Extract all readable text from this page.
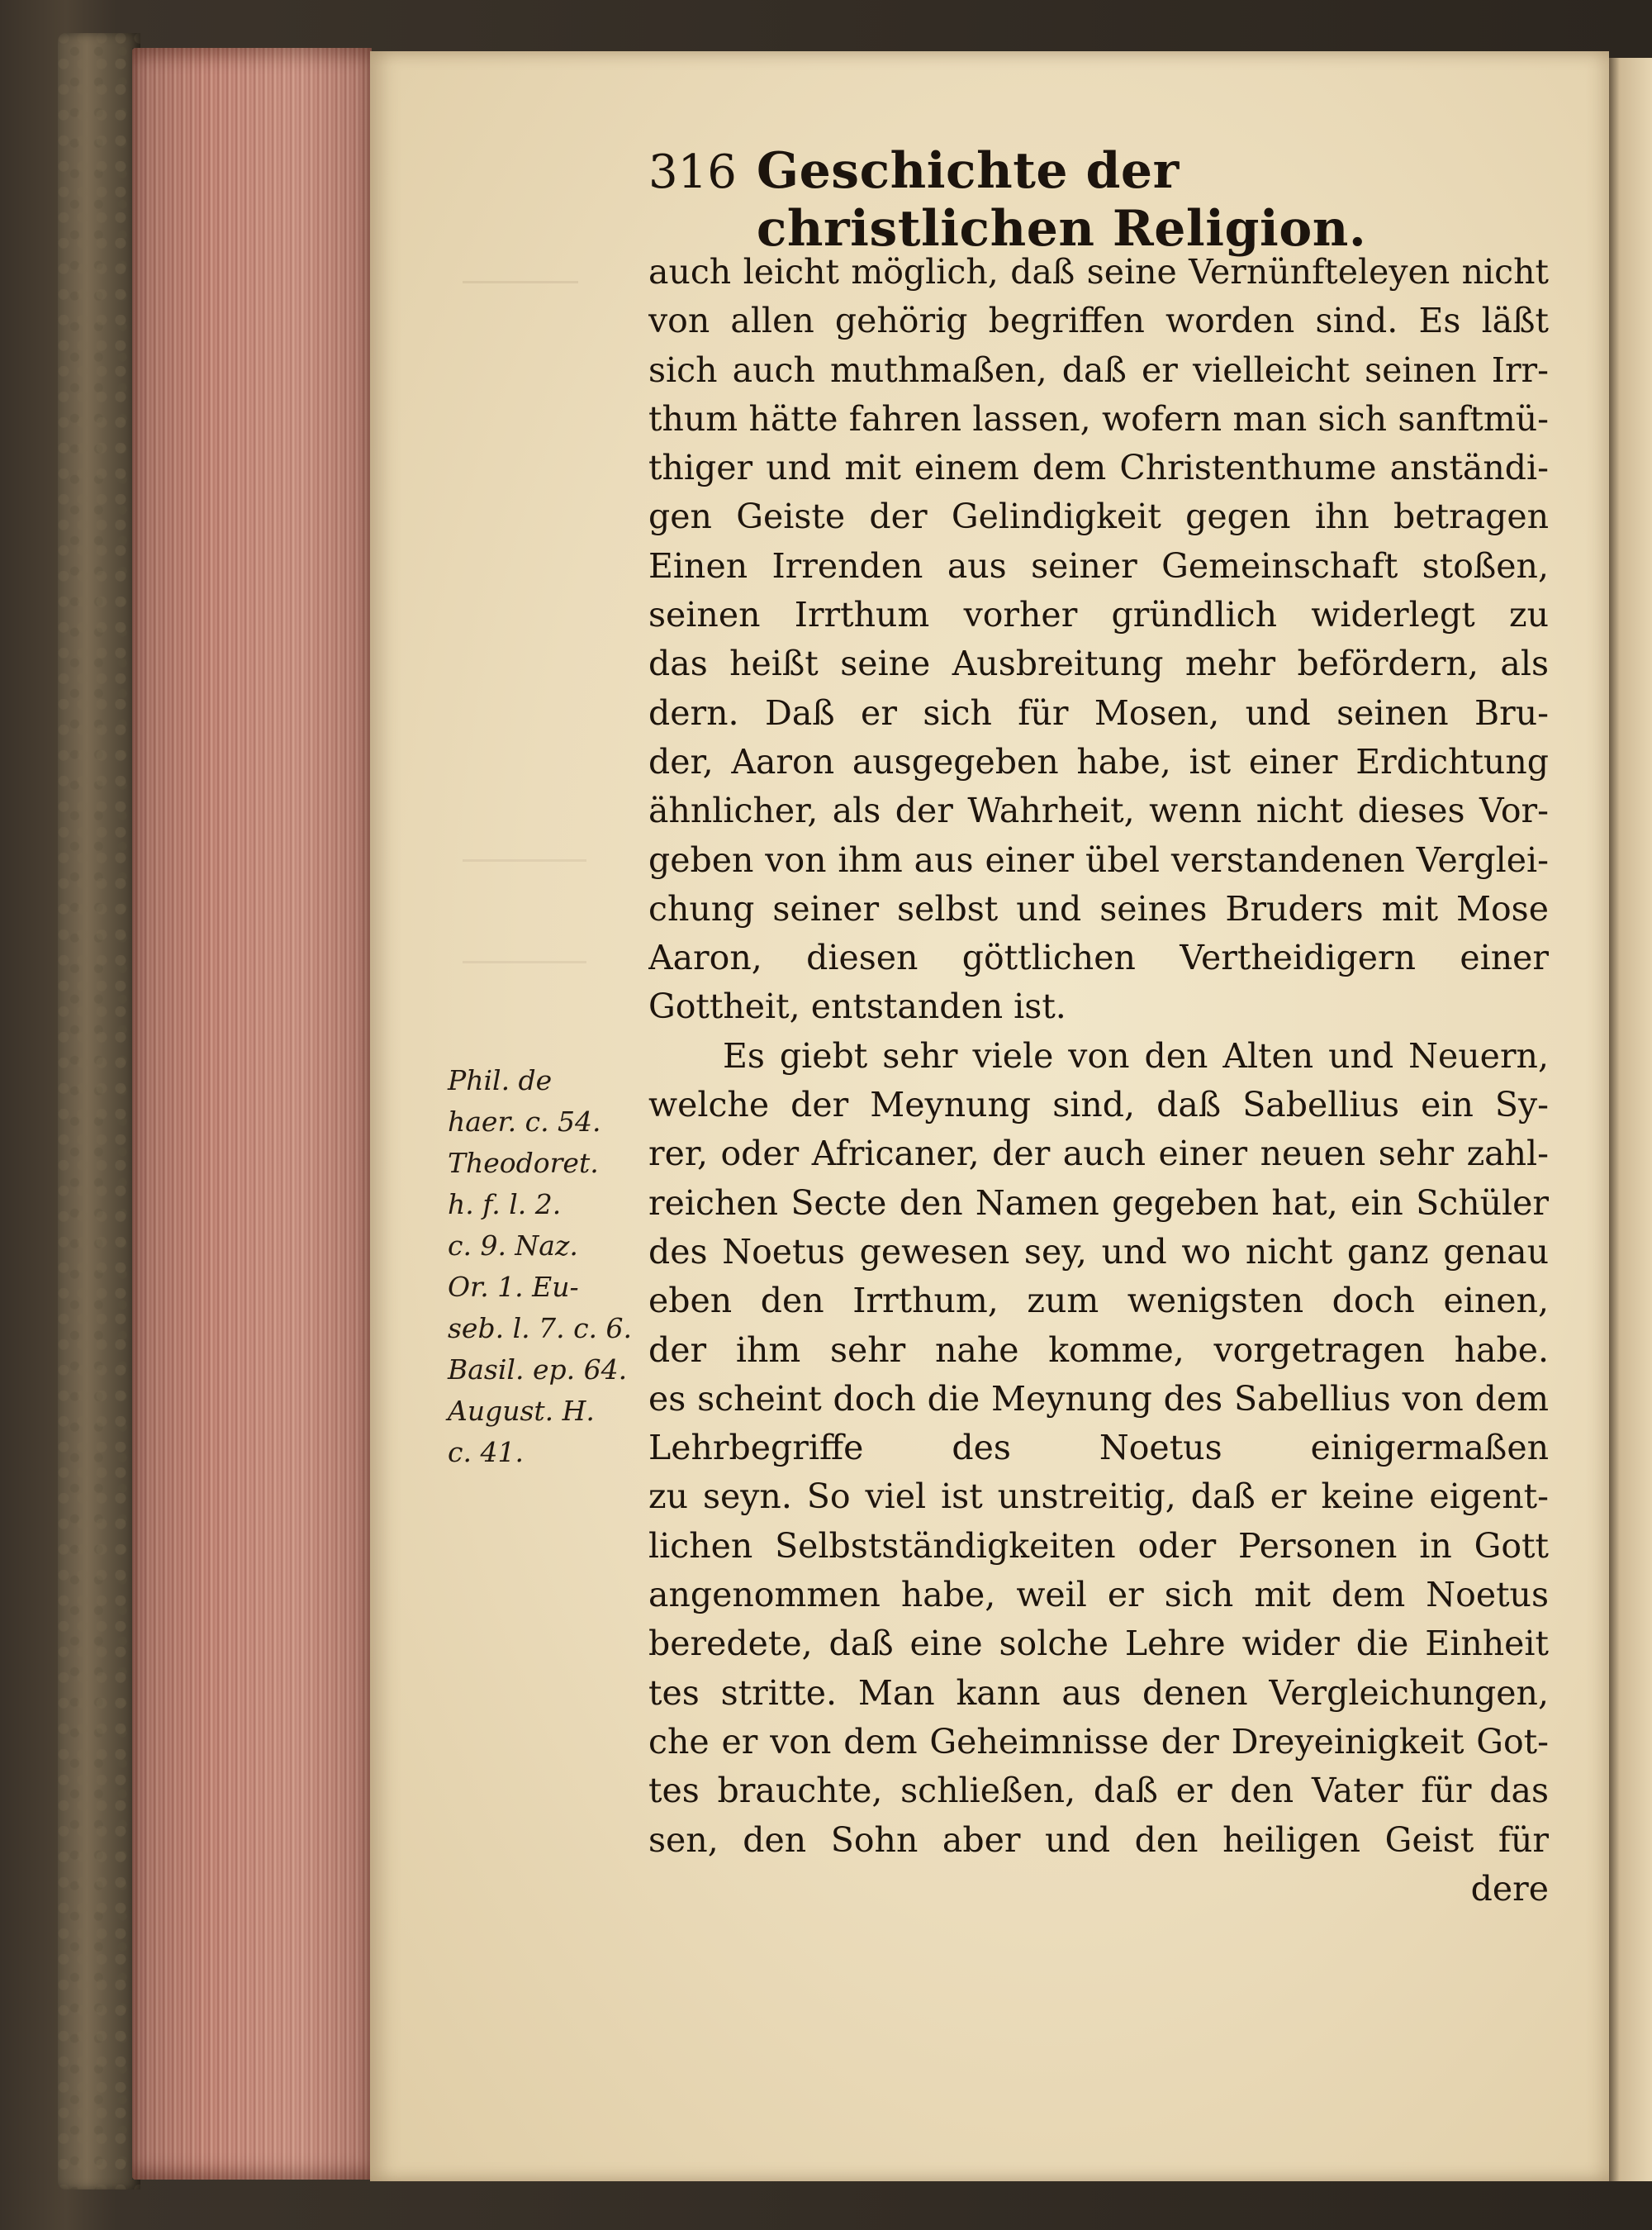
316 Geschichte der christlichen Religion.
auch leicht möglich, daß seine Vernünfteleyen nicht
von allen gehörig begriffen worden sind. Es läßt
sich auch muthmaßen, daß er vielleicht seinen Irr-
thum hätte fahren lassen, wofern man sich sanftmü-
thiger und mit einem dem Christenthume anständi-
gen Geiste der Gelindigkeit gegen ihn betragen
Einen Irrenden aus seiner Gemeinschaft stoßen,
seinen Irrthum vorher gründlich widerlegt zu
das heißt seine Ausbreitung mehr befördern, als
dern. Daß er sich für Mosen, und seinen Bru-
der, Aaron ausgegeben habe, ist einer Erdichtung
ähnlicher, als der Wahrheit, wenn nicht dieses Vor-
geben von ihm aus einer übel verstandenen Verglei-
chung seiner selbst und seines Bruders mit Mose
Aaron, diesen göttlichen Vertheidigern einer
Gottheit, entstanden ist.
Es giebt sehr viele von den Alten und Neuern,
welche der Meynung sind, daß Sabellius ein Sy-
rer, oder Africaner, der auch einer neuen sehr zahl-
reichen Secte den Namen gegeben hat, ein Schüler
des Noetus gewesen sey, und wo nicht ganz genau
eben den Irrthum, zum wenigsten doch einen,
der ihm sehr nahe komme, vorgetragen habe.
es scheint doch die Meynung des Sabellius von dem
Lehrbegriffe des Noetus einigermaßen
zu seyn. So viel ist unstreitig, daß er keine eigent-
lichen Selbstständigkeiten oder Personen in Gott
angenommen habe, weil er sich mit dem Noetus
beredete, daß eine solche Lehre wider die Einheit
tes stritte. Man kann aus denen Vergleichungen,
che er von dem Geheimnisse der Dreyeinigkeit Got-
tes brauchte, schließen, daß er den Vater für das
sen, den Sohn aber und den heiligen Geist für
dere
Phil. de
haer. c. 54.
Theodoret.
h. f. l. 2.
c. 9. Naz.
Or. 1. Eu-
seb. l. 7. c. 6.
Basil. ep. 64.
August. H.
c. 41.
